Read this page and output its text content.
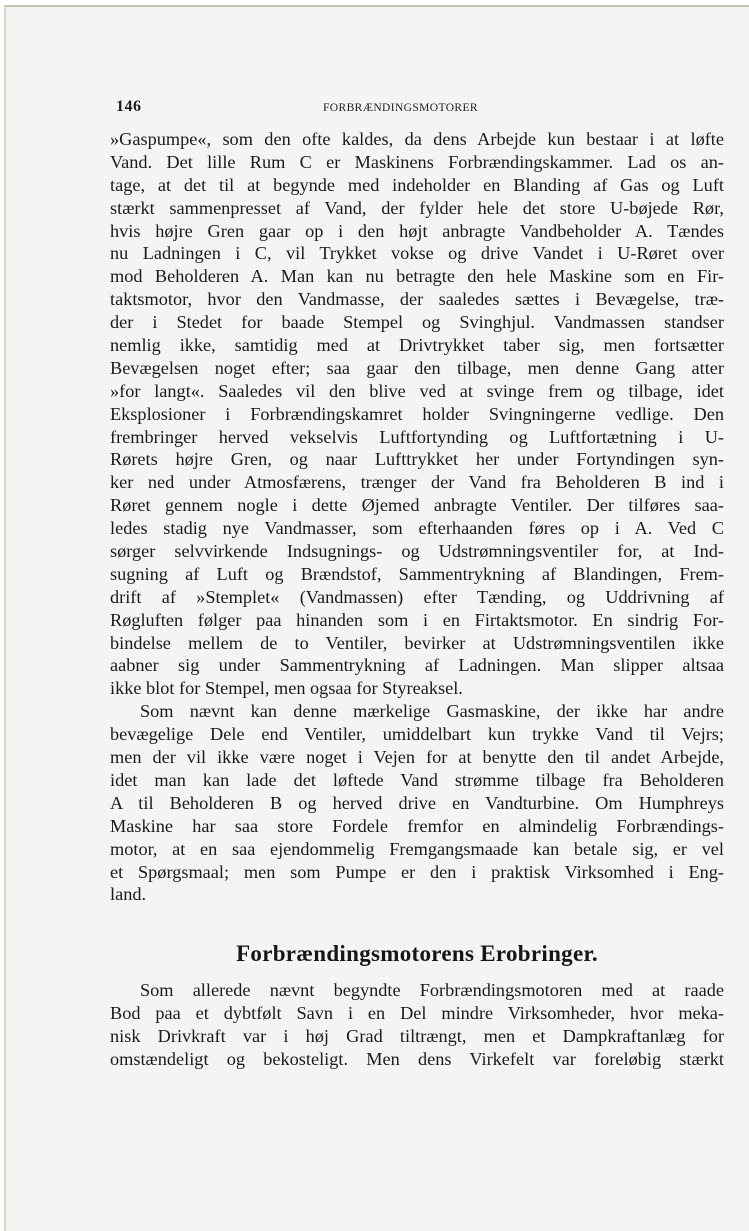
146	FORBRÆNDINGSMOTORER
»Gaspumpe«, som den ofte kaldes, da dens Arbejde kun bestaar i at løfte
Vand. Det lille Rum C er Maskinens Forbrændingskammer. Lad os an-
tage, at det til at begynde med indeholder en Blanding af Gas og Luft
stærkt sammenpresset af Vand, der fylder hele det store U-bøjede Rør,
hvis højre Gren gaar op i den højt anbragte Vandbeholder A. Tændes
nu Ladningen i C, vil Trykket vokse og drive Vandet i U-Røret over
mod Beholderen A. Man kan nu betragte den hele Maskine som en Fir-
taktsmotor, hvor den Vandmasse, der saaledes sættes i Bevægelse, træ-
der i Stedet for baade Stempel og Svinghjul. Vandmassen standser
nemlig ikke, samtidig med at Drivtrykket taber sig, men fortsætter
Bevægelsen noget efter; saa gaar den tilbage, men denne Gang atter
»for langt«. Saaledes vil den blive ved at svinge frem og tilbage, idet
Eksplosioner i Forbrændingskamret holder Svingningerne vedlige. Den
frembringer herved vekselvis Luftfortynding og Luftfortætning i U-
Rørets højre Gren, og naar Lufttrykket her under Fortyndingen syn-
ker ned under Atmosfærens, trænger der Vand fra Beholderen B ind i
Røret gennem nogle i dette Øjemed anbragte Ventiler. Der tilføres saa-
ledes stadig nye Vandmasser, som efterhaanden føres op i A. Ved C
sørger selvvirkende Indsugnings- og Udstrømningsventiler for, at Ind-
sugning af Luft og Brændstof, Sammentrykning af Blandingen, Frem-
drift af »Stemplet« (Vandmassen) efter Tænding, og Uddrivning af
Røgluften følger paa hinanden som i en Firtaktsmotor. En sindrig For-
bindelse mellem de to Ventiler, bevirker at Udstrømningsventilen ikke
aabner sig under Sammentrykning af Ladningen. Man slipper altsaa
ikke blot for Stempel, men ogsaa for Styreaksel.
Som nævnt kan denne mærkelige Gasmaskine, der ikke har andre
bevægelige Dele end Ventiler, umiddelbart kun trykke Vand til Vejrs;
men der vil ikke være noget i Vejen for at benytte den til andet Arbejde,
idet man kan lade det løftede Vand strømme tilbage fra Beholderen
A til Beholderen B og herved drive en Vandturbine. Om Humphreys
Maskine har saa store Fordele fremfor en almindelig Forbrændings-
motor, at en saa ejendommelig Fremgangsmaade kan betale sig, er vel
et Spørgsmaal; men som Pumpe er den i praktisk Virksomhed i Eng-
land.
Forbrændingsmotorens Erobringer.
Som allerede nævnt begyndte Forbrændingsmotoren med at raade
Bod paa et dybtfølt Savn i en Del mindre Virksomheder, hvor meka-
nisk Drivkraft var i høj Grad tiltrængt, men et Dampkraftanlæg for
omstændeligt og bekosteligt. Men dens Virkefelt var foreløbig stærkt
